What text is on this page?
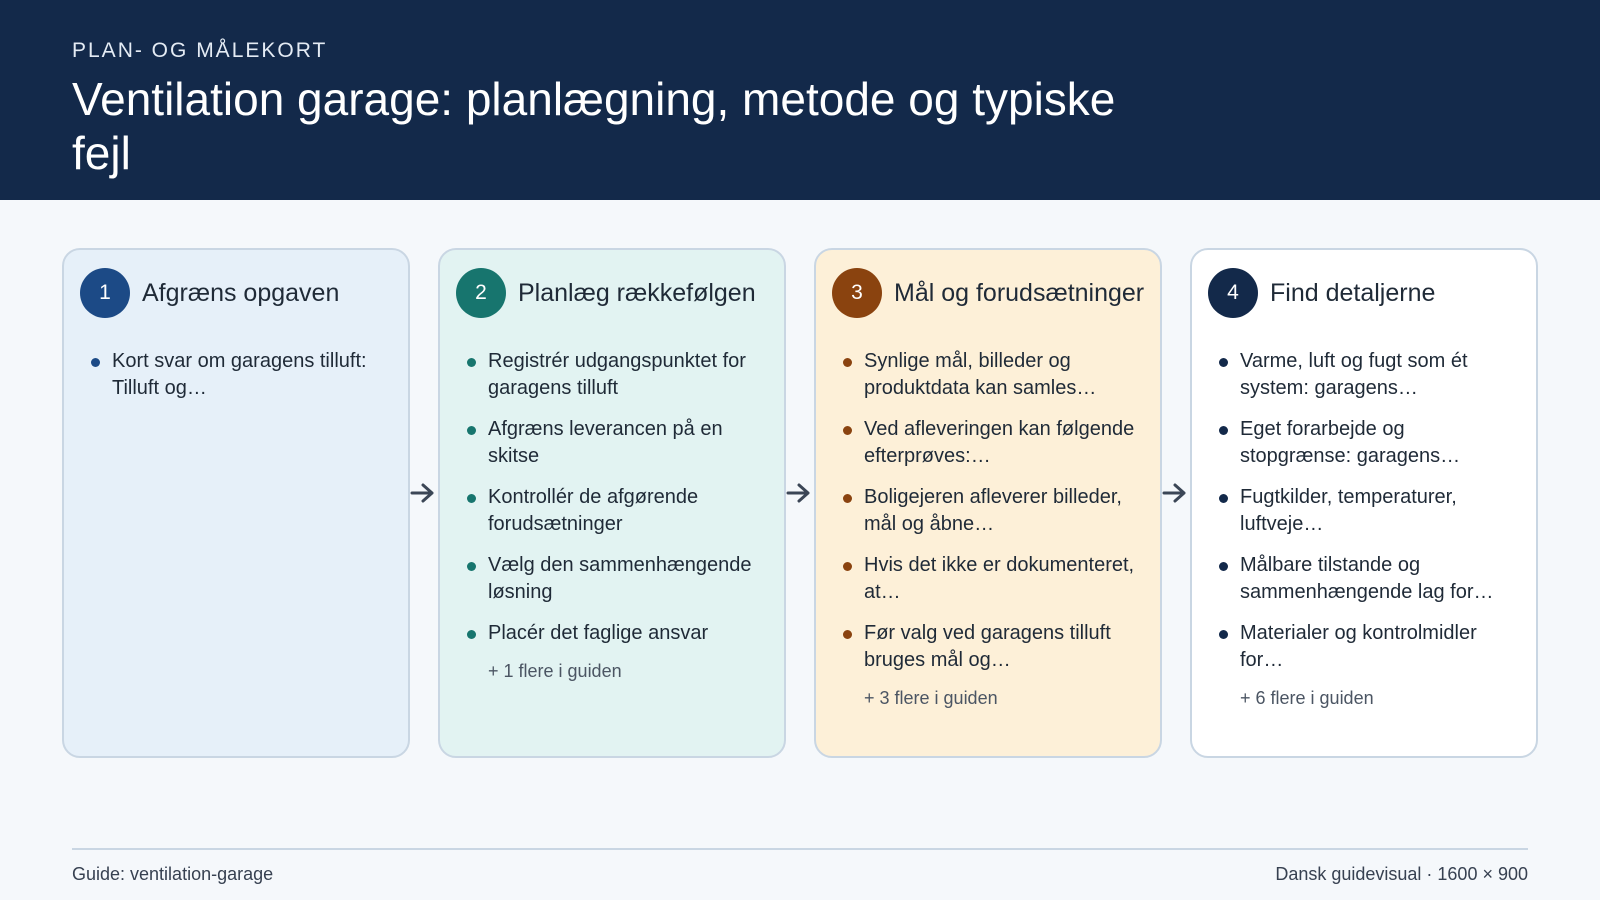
PLAN- OG MÅLEKORT
Ventilation garage: planlægning, metode og typiske fejl
1	Afgræns opgaven
Kort svar om garagens tilluft: Tilluft og…
2	Planlæg rækkefølgen
Registrér udgangspunktet for garagens tilluft
Afgræns leverancen på en skitse
Kontrollér de afgørende forudsætninger
Vælg den sammenhængende løsning
Placér det faglige ansvar
+ 1 flere i guiden
3	Mål og forudsætninger
Synlige mål, billeder og produktdata kan samles…
Ved afleveringen kan følgende efterprøves:…
Boligejeren afleverer billeder, mål og åbne…
Hvis det ikke er dokumenteret, at…
Før valg ved garagens tilluft bruges mål og…
+ 3 flere i guiden
4	Find detaljerne
Varme, luft og fugt som ét system: garagens…
Eget forarbejde og stopgrænse: garagens…
Fugtkilder, temperaturer, luftveje…
Målbare tilstande og sammenhængende lag for…
Materialer og kontrolmidler for…
+ 6 flere i guiden
Guide: ventilation-garage	Dansk guidevisual · 1600 × 900
